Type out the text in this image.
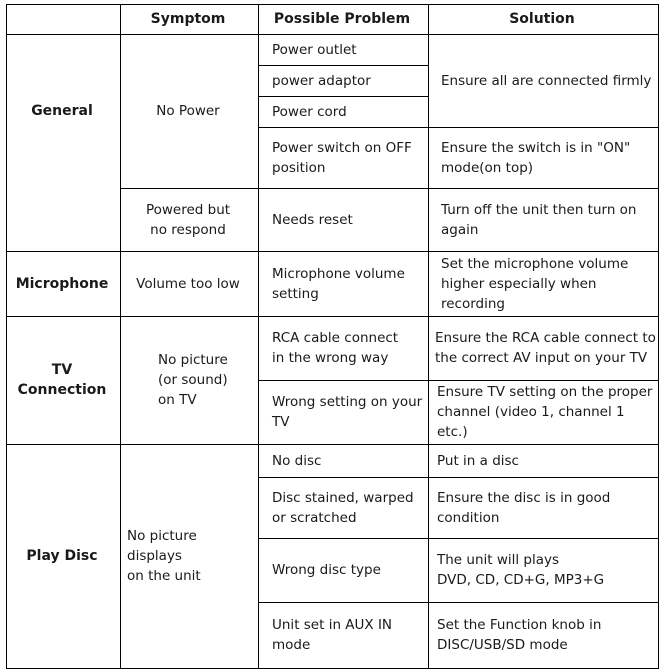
Symptom	Possible Problem	Solution
General
Microphone
TV Connection
Play Disc
No Power
Powered but
no respond
Volume too low
No picture
(or sound)
on TV
No picture displays
on the unit
Power outlet
power adaptor
Power cord
Power switch on OFF
position
Needs reset
Microphone volume
setting
RCA cable connect
in the wrong way
Wrong setting on your
TV
No disc
Disc stained, warped
or scratched
Wrong disc type
Unit set in AUX IN mode
Ensure all are connected firmly
Ensure the switch is in "ON"
mode(on top)
Turn off the unit then turn on
again
Set the microphone volume
higher especially when recording
Ensure the RCA cable connect to
the correct AV input on your TV
Ensure TV setting on the proper
channel (video 1, channel 1 etc.)
Put in a disc
Ensure the disc is in good
condition
The unit will plays
DVD, CD, CD+G, MP3+G
Set the Function knob in
DISC/USB/SD mode
